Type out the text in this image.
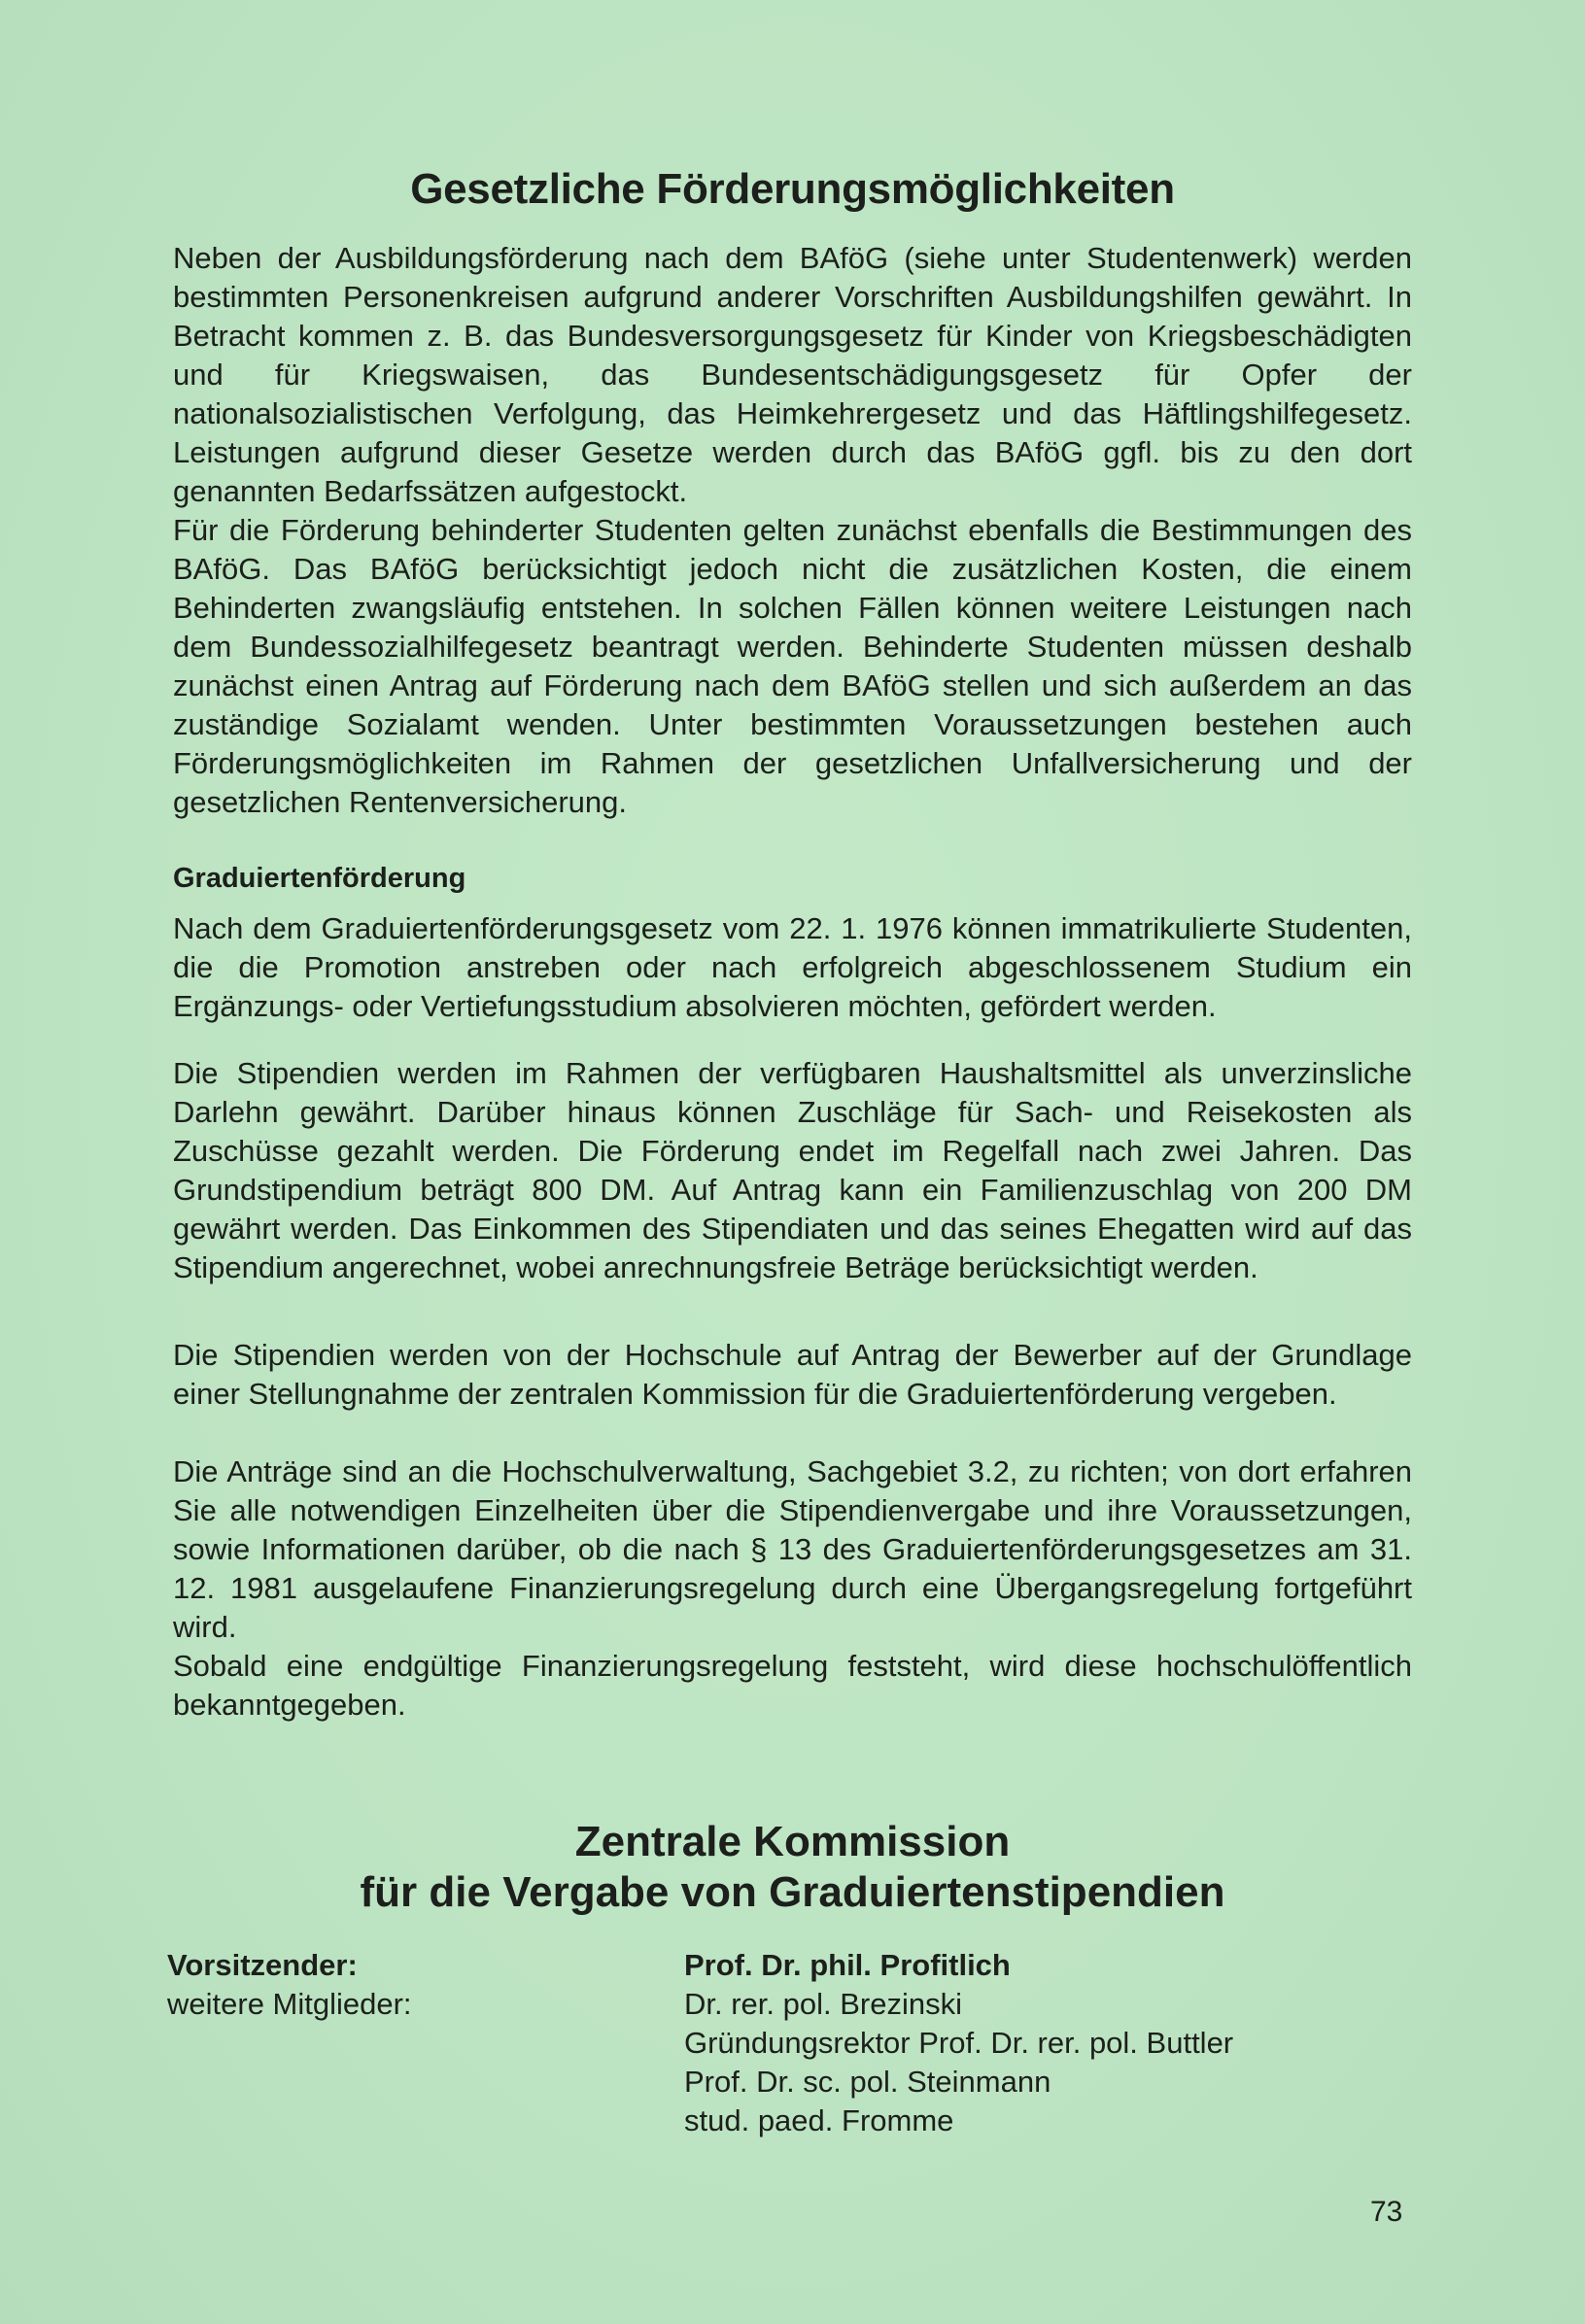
Gesetzliche Förderungsmöglichkeiten

Neben der Ausbildungsförderung nach dem BAföG (siehe unter Studentenwerk) werden bestimmten Personenkreisen aufgrund anderer Vorschriften Ausbildungshilfen gewährt. In Betracht kommen z. B. das Bundesversorgungsgesetz für Kinder von Kriegsbeschädigten und für Kriegswaisen, das Bundesentschädigungsgesetz für Opfer der nationalsozialistischen Verfolgung, das Heimkehrergesetz und das Häftlingshilfegesetz. Leistungen aufgrund dieser Gesetze werden durch das BAföG ggfl. bis zu den dort genannten Bedarfssätzen aufgestockt.

Für die Förderung behinderter Studenten gelten zunächst ebenfalls die Bestimmungen des BAföG. Das BAföG berücksichtigt jedoch nicht die zusätzlichen Kosten, die einem Behinderten zwangsläufig entstehen. In solchen Fällen können weitere Leistungen nach dem Bundessozialhilfegesetz beantragt werden. Behinderte Studenten müssen deshalb zunächst einen Antrag auf Förderung nach dem BAföG stellen und sich außerdem an das zuständige Sozialamt wenden. Unter bestimmten Voraussetzungen bestehen auch Förderungsmöglichkeiten im Rahmen der gesetzlichen Unfallversicherung und der gesetzlichen Rentenversicherung.

Graduiertenförderung

Nach dem Graduiertenförderungsgesetz vom 22. 1. 1976 können immatrikulierte Studenten, die die Promotion anstreben oder nach erfolgreich abgeschlossenem Studium ein Ergänzungs- oder Vertiefungsstudium absolvieren möchten, gefördert werden.

Die Stipendien werden im Rahmen der verfügbaren Haushaltsmittel als unverzinsliche Darlehn gewährt. Darüber hinaus können Zuschläge für Sach- und Reisekosten als Zuschüsse gezahlt werden. Die Förderung endet im Regelfall nach zwei Jahren. Das Grundstipendium beträgt 800 DM. Auf Antrag kann ein Familienzuschlag von 200 DM gewährt werden. Das Einkommen des Stipendiaten und das seines Ehegatten wird auf das Stipendium angerechnet, wobei anrechnungsfreie Beträge berücksichtigt werden.

Die Stipendien werden von der Hochschule auf Antrag der Bewerber auf der Grundlage einer Stellungnahme der zentralen Kommission für die Graduiertenförderung vergeben.

Die Anträge sind an die Hochschulverwaltung, Sachgebiet 3.2, zu richten; von dort erfahren Sie alle notwendigen Einzelheiten über die Stipendienvergabe und ihre Voraussetzungen, sowie Informationen darüber, ob die nach § 13 des Graduiertenförderungsgesetzes am 31. 12. 1981 ausgelaufene Finanzierungsregelung durch eine Übergangsregelung fortgeführt wird.

Sobald eine endgültige Finanzierungsregelung feststeht, wird diese hochschulöffentlich bekanntgegeben.

Zentrale Kommission
für die Vergabe von Graduiertenstipendien
Vorsitzender:	Prof. Dr. phil. Profitlich
weitere Mitglieder:	Dr. rer. pol. Brezinski
Gründungsrektor Prof. Dr. rer. pol. Buttler
Prof. Dr. sc. pol. Steinmann
stud. paed. Fromme
73
